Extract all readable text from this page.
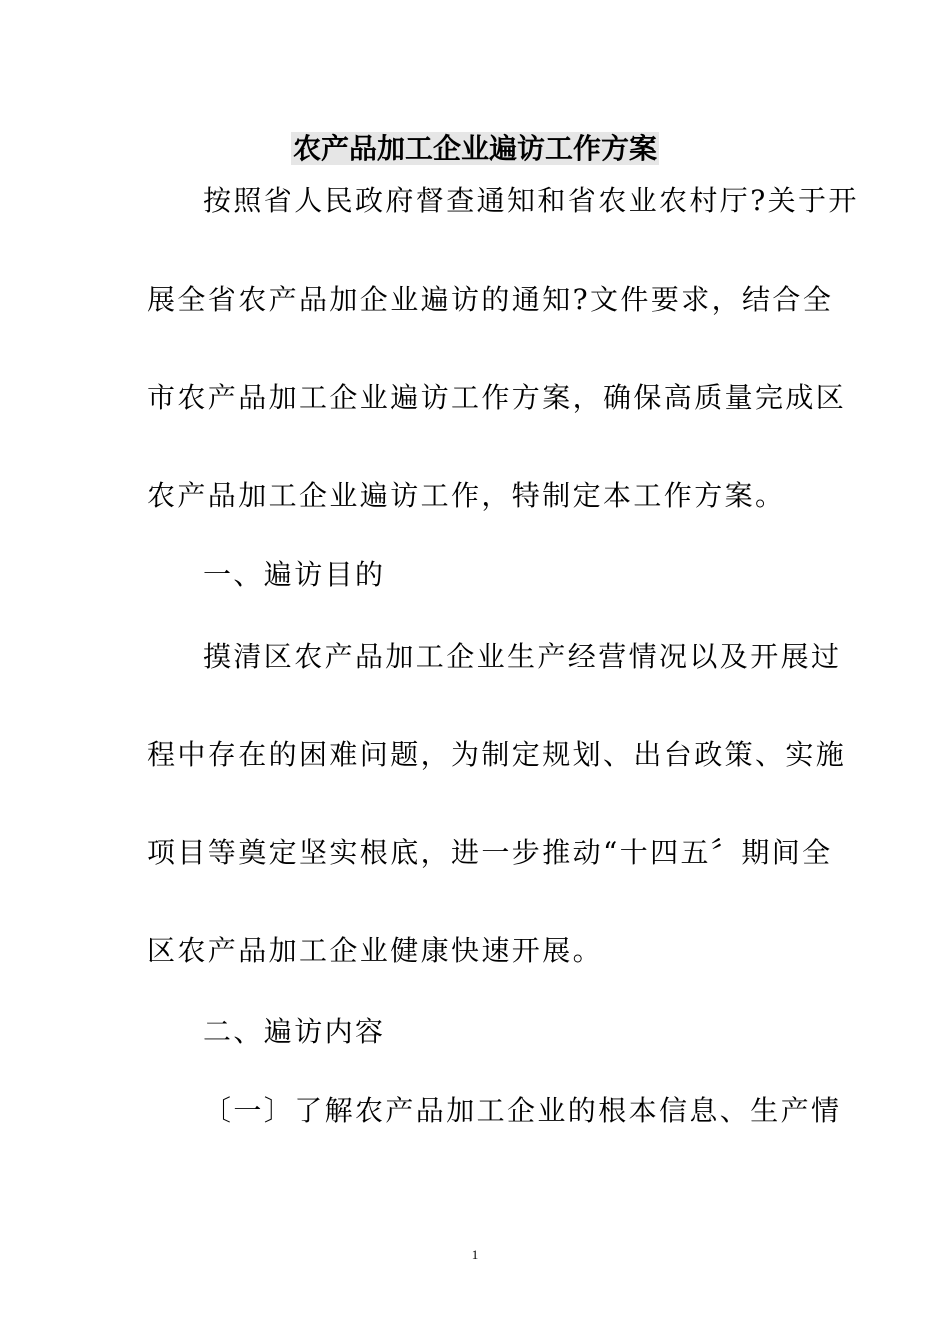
农产品加工企业遍访工作方案
按照省人民政府督查通知和省农业农村厅?关于开
展全省农产品加企业遍访的通知?文件要求，结合全
市农产品加工企业遍访工作方案，确保高质量完成区
农产品加工企业遍访工作，特制定本工作方案。
一、遍访目的
摸清区农产品加工企业生产经营情况以及开展过
程中存在的困难问题，为制定规划、出台政策、实施
项目等奠定坚实根底，进一步推动“十四五〞期间全
区农产品加工企业健康快速开展。
二、遍访内容
〔一〕了解农产品加工企业的根本信息、生产情
1
